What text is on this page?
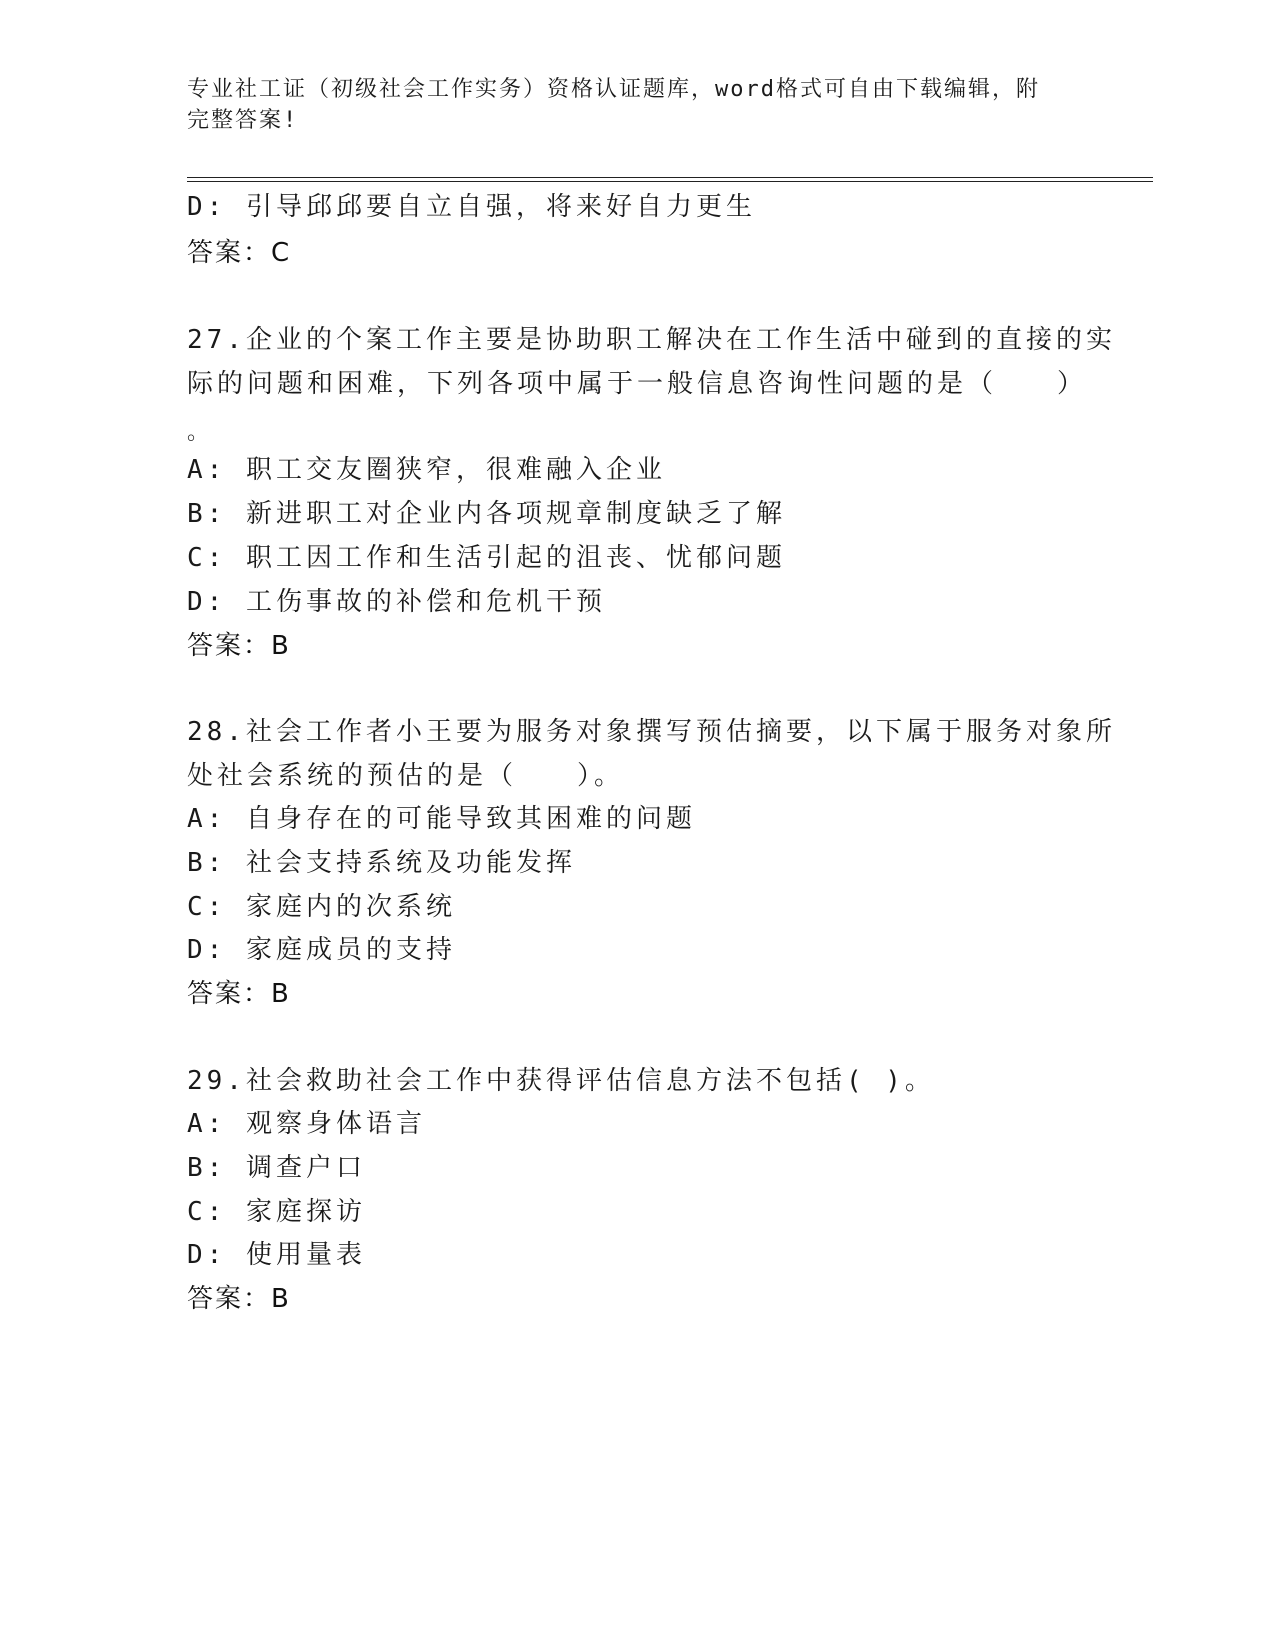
专业社工证（初级社会工作实务）资格认证题库，word格式可自由下载编辑，附
完整答案!
D: 引导邱邱要自立自强，将来好自力更生
答案：C
27.企业的个案工作主要是协助职工解决在工作生活中碰到的直接的实
际的问题和困难，下列各项中属于一般信息咨询性问题的是（　　）
。
A: 职工交友圈狭窄，很难融入企业
B: 新进职工对企业内各项规章制度缺乏了解
C: 职工因工作和生活引起的沮丧、忧郁问题
D: 工伤事故的补偿和危机干预
答案：B
28.社会工作者小王要为服务对象撰写预估摘要，以下属于服务对象所
处社会系统的预估的是（　　）。
A: 自身存在的可能导致其困难的问题
B: 社会支持系统及功能发挥
C: 家庭内的次系统
D: 家庭成员的支持
答案：B
29.社会救助社会工作中获得评估信息方法不包括( )。
A: 观察身体语言
B: 调查户口
C: 家庭探访
D: 使用量表
答案：B
